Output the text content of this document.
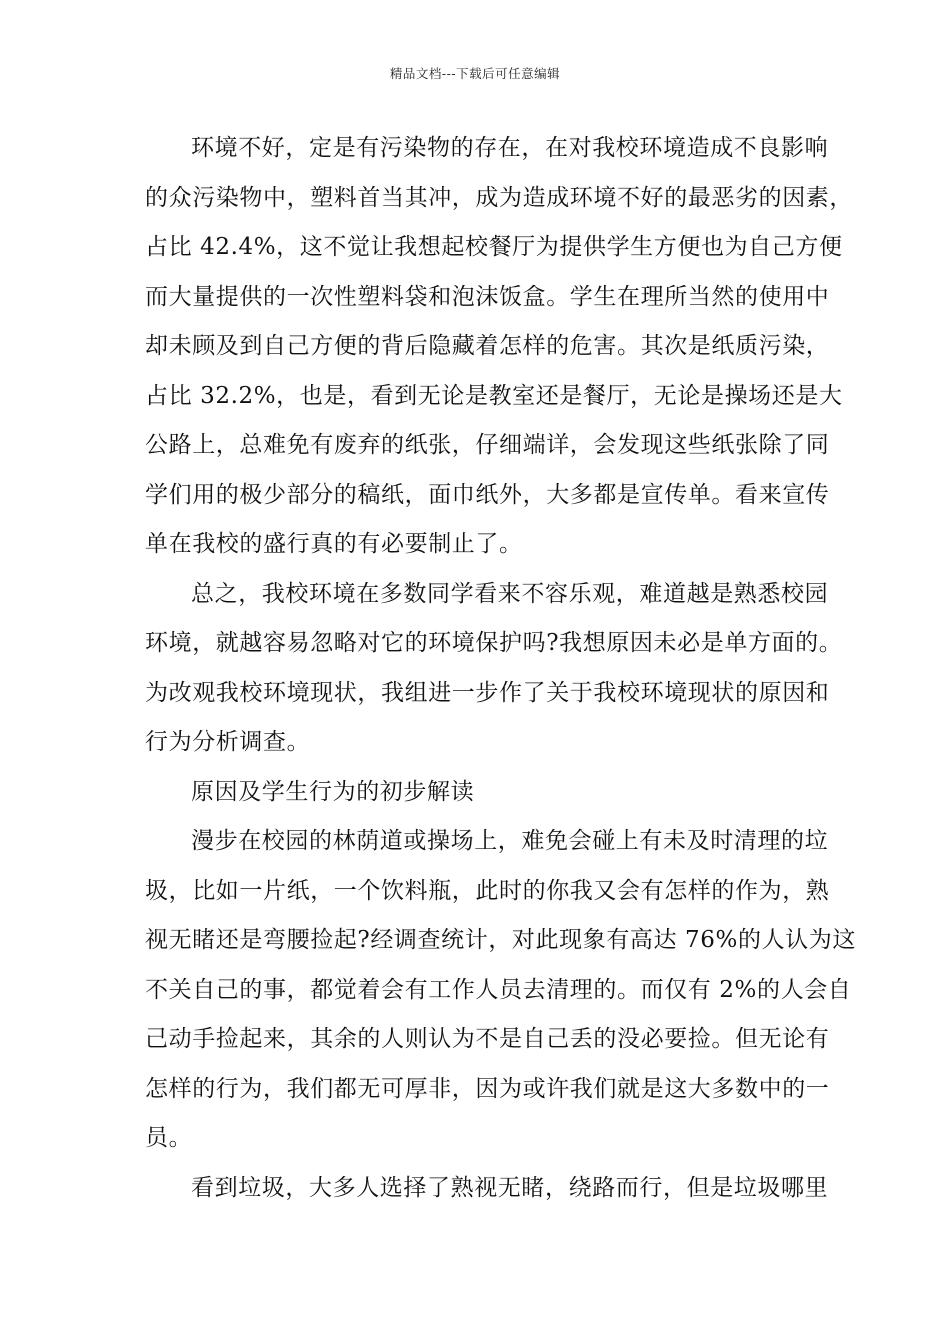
精品文档---下载后可任意编辑
环境不好，定是有污染物的存在，在对我校环境造成不良影响
的众污染物中，塑料首当其冲，成为造成环境不好的最恶劣的因素，
占比 42.4%，这不觉让我想起校餐厅为提供学生方便也为自己方便
而大量提供的一次性塑料袋和泡沫饭盒。学生在理所当然的使用中
却未顾及到自己方便的背后隐藏着怎样的危害。其次是纸质污染，
占比 32.2%，也是，看到无论是教室还是餐厅，无论是操场还是大
公路上，总难免有废弃的纸张，仔细端详，会发现这些纸张除了同
学们用的极少部分的稿纸，面巾纸外，大多都是宣传单。看来宣传
单在我校的盛行真的有必要制止了。
总之，我校环境在多数同学看来不容乐观，难道越是熟悉校园
环境，就越容易忽略对它的环境保护吗?我想原因未必是单方面的。
为改观我校环境现状，我组进一步作了关于我校环境现状的原因和
行为分析调查。
原因及学生行为的初步解读
漫步在校园的林荫道或操场上，难免会碰上有未及时清理的垃
圾，比如一片纸，一个饮料瓶，此时的你我又会有怎样的作为，熟
视无睹还是弯腰捡起?经调查统计，对此现象有高达 76%的人认为这
不关自己的事，都觉着会有工作人员去清理的。而仅有 2%的人会自
己动手捡起来，其余的人则认为不是自己丢的没必要捡。但无论有
怎样的行为，我们都无可厚非，因为或许我们就是这大多数中的一
员。
看到垃圾，大多人选择了熟视无睹，绕路而行，但是垃圾哪里
